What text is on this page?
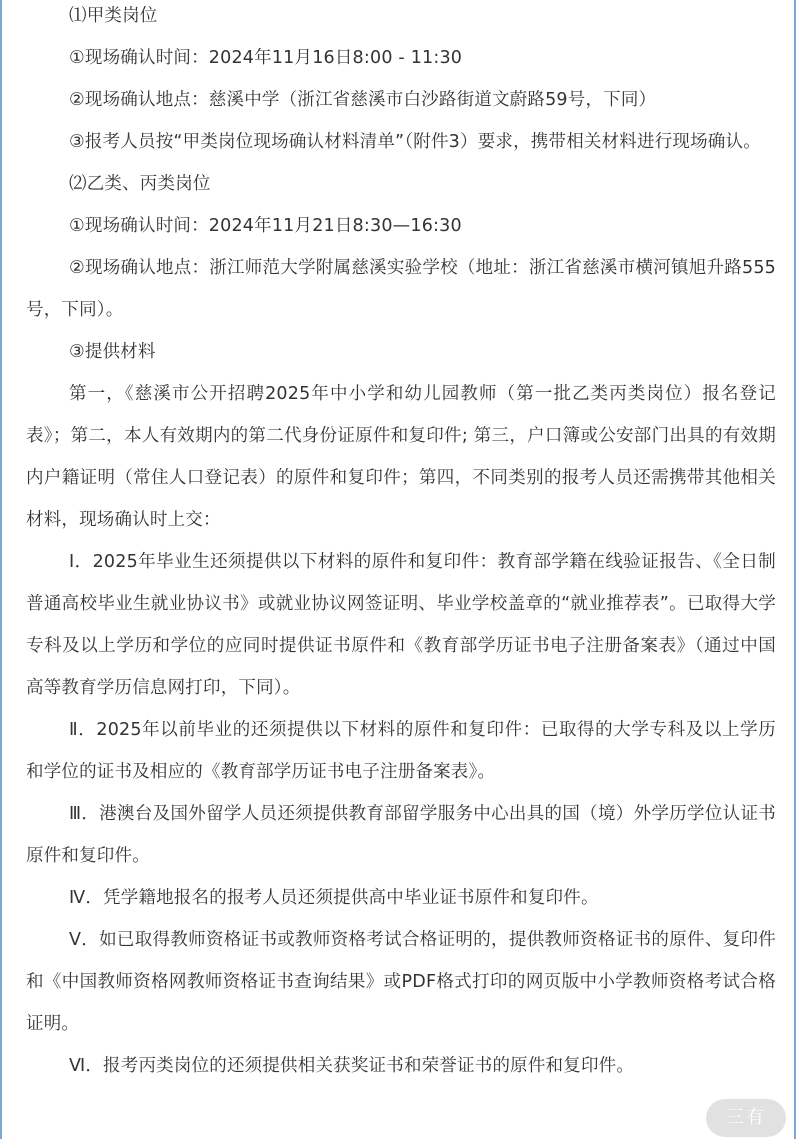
⑴甲类岗位

①现场确认时间：2024年11月16日8:00 - 11:30

②现场确认地点：慈溪中学（浙江省慈溪市白沙路街道文蔚路59号，下同）

③报考人员按“甲类岗位现场确认材料清单”（附件3）要求，携带相关材料进行现场确认。

⑵乙类、丙类岗位

①现场确认时间：2024年11月21日8:30—16:30

②现场确认地点：浙江师范大学附属慈溪实验学校（地址：浙江省慈溪市横河镇旭升路555号，下同）。

③提供材料

第一，《慈溪市公开招聘2025年中小学和幼儿园教师（第一批乙类丙类岗位）报名登记表》；第二，本人有效期内的第二代身份证原件和复印件; 第三，户口簿或公安部门出具的有效期内户籍证明（常住人口登记表）的原件和复印件；第四，不同类别的报考人员还需携带其他相关材料，现场确认时上交：

Ⅰ．2025年毕业生还须提供以下材料的原件和复印件：教育部学籍在线验证报告、《全日制普通高校毕业生就业协议书》或就业协议网签证明、毕业学校盖章的“就业推荐表”。已取得大学专科及以上学历和学位的应同时提供证书原件和《教育部学历证书电子注册备案表》（通过中国高等教育学历信息网打印，下同）。

Ⅱ．2025年以前毕业的还须提供以下材料的原件和复印件：已取得的大学专科及以上学历和学位的证书及相应的《教育部学历证书电子注册备案表》。

Ⅲ．港澳台及国外留学人员还须提供教育部留学服务中心出具的国（境）外学历学位认证书原件和复印件。

Ⅳ．凭学籍地报名的报考人员还须提供高中毕业证书原件和复印件。

Ⅴ．如已取得教师资格证书或教师资格考试合格证明的，提供教师资格证书的原件、复印件和《中国教师资格网教师资格证书查询结果》或PDF格式打印的网页版中小学教师资格考试合格证明。

Ⅵ．报考丙类岗位的还须提供相关获奖证书和荣誉证书的原件和复印件。

三有
